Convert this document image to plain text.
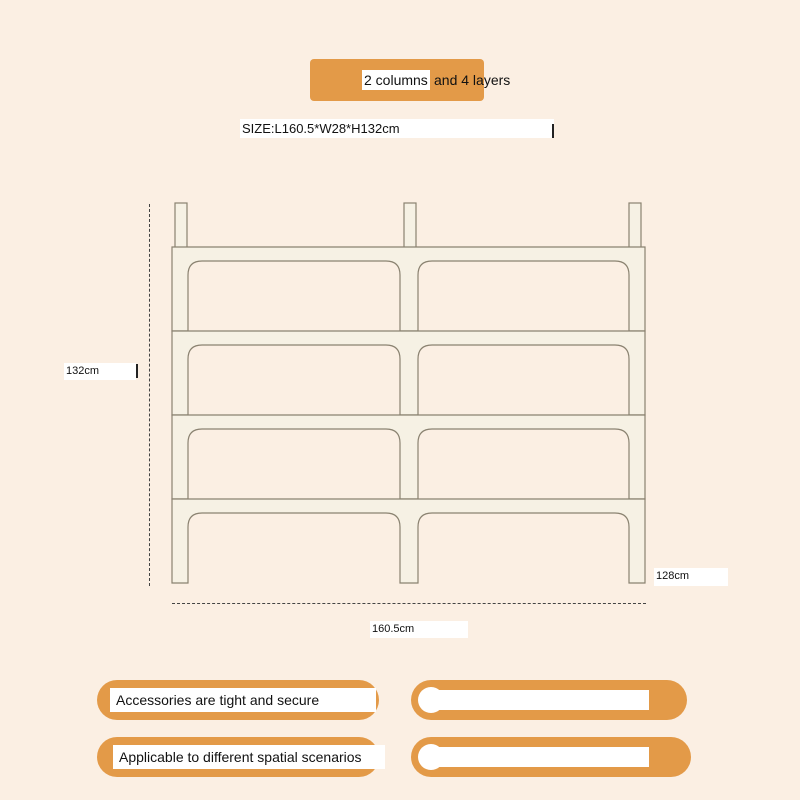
2 columns and 4 layers
SIZE:L160.5*W28*H132cm
132cm
128cm
160.5cm
Accessories are tight and secure
Applicable to different spatial scenarios
